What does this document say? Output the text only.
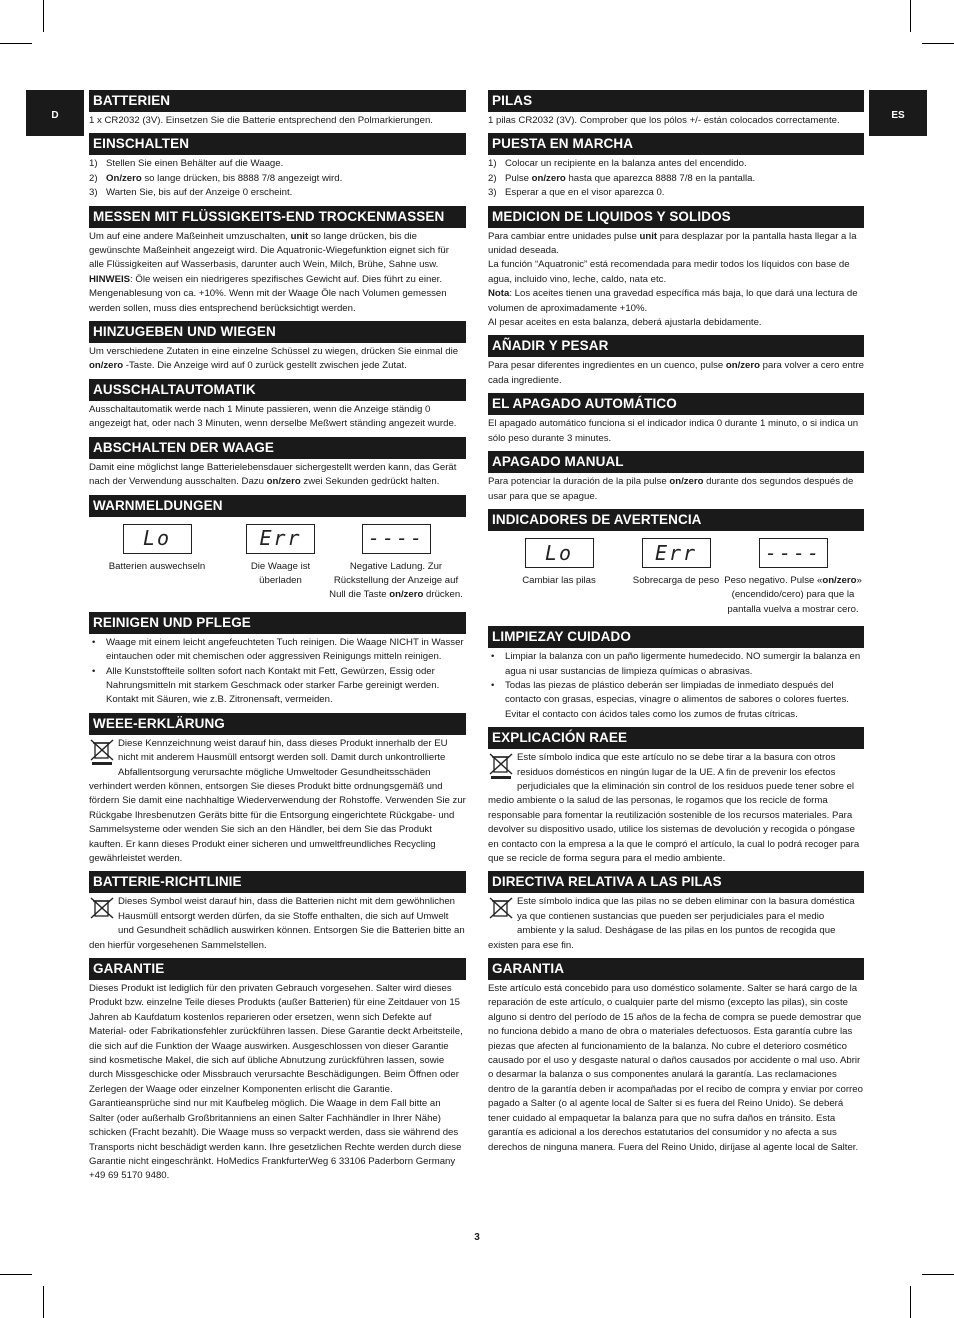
D	ES
BATTERIEN

1 x CR2032 (3V). Einsetzen Sie die Batterie entsprechend den Polmarkierungen.

EINSCHALTEN
1) Stellen Sie einen Behälter auf die Waage.
2) On/zero so lange drücken, bis 8888 7/8 angezeigt wird.
3) Warten Sie, bis auf der Anzeige 0 erscheint.
MESSEN MIT FLÜSSIGKEITS-END TROCKENMASSEN

Um auf eine andere Maßeinheit umzuschalten, unit so lange drücken, bis die gewünschte Maßeinheit angezeigt wird. Die Aquatronic-Wiegefunktion eignet sich für alle Flüssigkeiten auf Wasserbasis, darunter auch Wein, Milch, Brühe, Sahne usw.

HINWEIS: Öle weisen ein niedrigeres spezifisches Gewicht auf. Dies führt zu einer. Mengenablesung von ca. +10%. Wenn mit der Waage Öle nach Volumen gemessen werden sollen, muss dies entsprechend berücksichtigt werden.

HINZUGEBEN UND WIEGEN

Um verschiedene Zutaten in eine einzelne Schüssel zu wiegen, drücken Sie einmal die on/zero -Taste. Die Anzeige wird auf 0 zurück gestellt zwischen jede Zutat.

AUSSCHALTAUTOMATIK

Ausschaltautomatik werde nach 1 Minute passieren, wenn die Anzeige ständig 0 angezeigt hat, oder nach 3 Minuten, wenn derselbe Meßwert ständing angezeit wurde.

ABSCHALTEN DER WAAGE

Damit eine möglichst lange Batterielebensdauer sichergestellt werden kann, das Gerät nach der Verwendung ausschalten. Dazu on/zero zwei Sekunden gedrückt halten.

WARNMELDUNGEN
Lo
Batterien auswechseln
Err
Die Waage ist überladen
----
Negative Ladung. Zur Rückstellung der Anzeige auf Null die Taste on/zero drücken.
REINIGEN UND PFLEGE
• Waage mit einem leicht angefeuchteten Tuch reinigen. Die Waage NICHT in Wasser eintauchen oder mit chemischen oder aggressiven Reinigungs mitteln reinigen.
• Alle Kunststoffteile sollten sofort nach Kontakt mit Fett, Gewürzen, Essig oder Nahrungsmitteln mit starkem Geschmack oder starker Farbe gereinigt werden. Kontakt mit Säuren, wie z.B. Zitronensaft, vermeiden.
WEEE-ERKLÄRUNG

Diese Kennzeichnung weist darauf hin, dass dieses Produkt innerhalb der EU nicht mit anderem Hausmüll entsorgt werden soll. Damit durch unkontrollierte Abfallentsorgung verursachte mögliche Umweltoder Gesundheitsschäden verhindert werden können, entsorgen Sie dieses Produkt bitte ordnungsgemäß und fördern Sie damit eine nachhaltige Wiederverwendung der Rohstoffe. Verwenden Sie zur Rückgabe Ihresbenutzen Geräts bitte für die Entsorgung eingerichtete Rückgabe- und Sammelsysteme oder wenden Sie sich an den Händler, bei dem Sie das Produkt kauften. Er kann dieses Produkt einer sicheren und umweltfreundliches Recycling gewährleistet werden.

BATTERIE-RICHTLINIE

Dieses Symbol weist darauf hin, dass die Batterien nicht mit dem gewöhnlichen Hausmüll entsorgt werden dürfen, da sie Stoffe enthalten, die sich auf Umwelt und Gesundheit schädlich auswirken können. Entsorgen Sie die Batterien bitte an den hierfür vorgesehenen Sammelstellen.

GARANTIE

Dieses Produkt ist lediglich für den privaten Gebrauch vorgesehen. Salter wird dieses Produkt bzw. einzelne Teile dieses Produkts (außer Batterien) für eine Zeitdauer von 15 Jahren ab Kaufdatum kostenlos reparieren oder ersetzen, wenn sich Defekte auf Material- oder Fabrikationsfehler zurückführen lassen. Diese Garantie deckt Arbeitsteile, die sich auf die Funktion der Waage auswirken. Ausgeschlossen von dieser Garantie sind kosmetische Makel, die sich auf übliche Abnutzung zurückführen lassen, sowie durch Missgeschicke oder Missbrauch verursachte Beschädigungen. Beim Öffnen oder Zerlegen der Waage oder einzelner Komponenten erlischt die Garantie. Garantieansprüche sind nur mit Kaufbeleg möglich. Die Waage in dem Fall bitte an Salter (oder außerhalb Großbritanniens an einen Salter Fachhändler in Ihrer Nähe) schicken (Fracht bezahlt). Die Waage muss so verpackt werden, dass sie während des Transports nicht beschädigt werden kann. Ihre gesetzlichen Rechte werden durch diese Garantie nicht eingeschränkt. HoMedics FrankfurterWeg 6 33106 Paderborn Germany +49 69 5170 9480.

PILAS

1 pilas CR2032 (3V). Comprober que los pólos +/- están colocados correctamente.

PUESTA EN MARCHA
1) Colocar un recipiente en la balanza antes del encendido.
2) Pulse on/zero hasta que aparezca 8888 7/8 en la pantalla.
3) Esperar a que en el visor aparezca 0.
MEDICION DE LIQUIDOS Y SOLIDOS

Para cambiar entre unidades pulse unit para desplazar por la pantalla hasta llegar a la unidad deseada.

La función “Aquatronic” está recomendada para medir todos los líquidos con base de agua, incluido vino, leche, caldo, nata etc.

Nota: Los aceites tienen una gravedad específica más baja, lo que dará una lectura de volumen de aproximadamente +10%.

Al pesar aceites en esta balanza, deberá ajustarla debidamente.

AÑADIR Y PESAR

Para pesar diferentes ingredientes en un cuenco, pulse on/zero para volver a cero entre cada ingrediente.

EL APAGADO AUTOMÁTICO

El apagado automático funciona si el indicador indica 0 durante 1 minuto, o si indica un sólo peso durante 3 minutes.

APAGADO MANUAL

Para potenciar la duración de la pila pulse on/zero durante dos segundos después de usar para que se apague.

INDICADORES DE AVERTENCIA
Lo
Cambiar las pilas
Err
Sobrecarga de peso
----
Peso negativo. Pulse «on/zero» (encendido/cero) para que la pantalla vuelva a mostrar cero.
LIMPIEZAY CUIDADO
• Limpiar la balanza con un paño ligermente humedecido. NO sumergir la balanza en agua ni usar sustancias de limpieza químicas o abrasivas.
• Todas las piezas de plástico deberán ser limpiadas de inmediato después del contacto con grasas, especias, vinagre o alimentos de sabores o colores fuertes. Evitar el contacto con ácidos tales como los zumos de frutas cítricas.
EXPLICACIÓN RAEE

Este símbolo indica que este artículo no se debe tirar a la basura con otros residuos domésticos en ningún lugar de la UE. A fin de prevenir los efectos perjudiciales que la eliminación sin control de los residuos puede tener sobre el medio ambiente o la salud de las personas, le rogamos que los recicle de forma responsable para fomentar la reutilización sostenible de los recursos materiales. Para devolver su dispositivo usado, utilice los sistemas de devolución y recogida o póngase en contacto con la empresa a la que le compró el artículo, la cual lo podrá recoger para que se recicle de forma segura para el medio ambiente.

DIRECTIVA RELATIVA A LAS PILAS

Este símbolo indica que las pilas no se deben eliminar con la basura doméstica ya que contienen sustancias que pueden ser perjudiciales para el medio ambiente y la salud. Deshágase de las pilas en los puntos de recogida que existen para ese fin.

GARANTIA

Este artículo está concebido para uso doméstico solamente. Salter se hará cargo de la reparación de este artículo, o cualquier parte del mismo (excepto las pilas), sin coste alguno si dentro del período de 15 años de la fecha de compra se puede demostrar que no funciona debido a mano de obra o materiales defectuosos. Esta garantía cubre las piezas que afecten al funcionamiento de la balanza. No cubre el deterioro cosmético causado por el uso y desgaste natural o daños causados por accidente o mal uso. Abrir o desarmar la balanza o sus componentes anulará la garantía. Las reclamaciones dentro de la garantía deben ir acompañadas por el recibo de compra y enviar por correo pagado a Salter (o al agente local de Salter si es fuera del Reino Unido). Se deberá tener cuidado al empaquetar la balanza para que no sufra daños en tránsito. Esta garantía es adicional a los derechos estatutarios del consumidor y no afecta a sus derechos de ninguna manera. Fuera del Reino Unido, diríjase al agente local de Salter.

3
